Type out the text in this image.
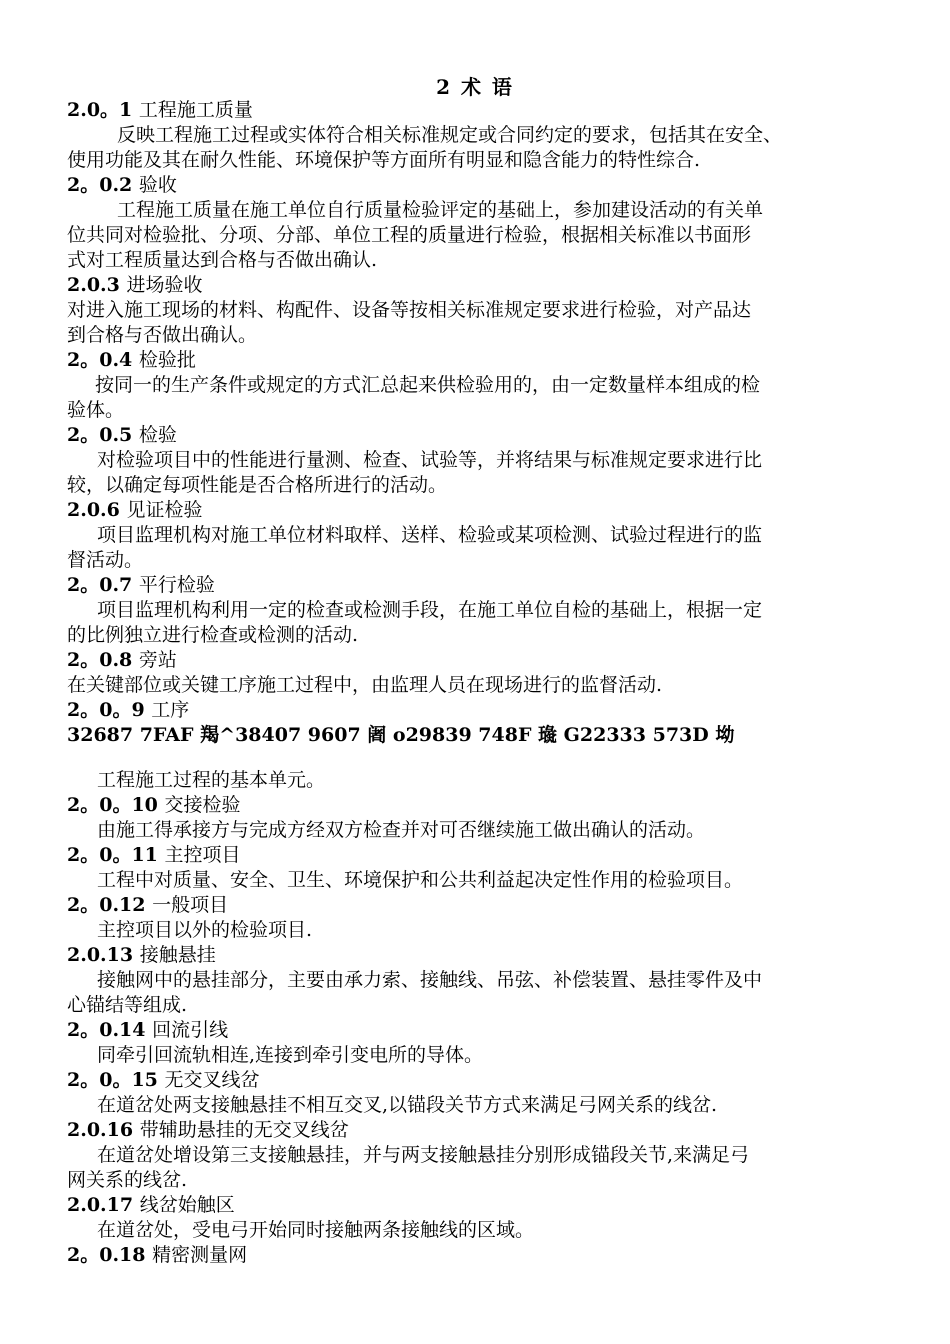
2 术 语
2.0。1 工程施工质量
反映工程施工过程或实体符合相关标准规定或合同约定的要求，包括其在安全、
使用功能及其在耐久性能、环境保护等方面所有明显和隐含能力的特性综合.
2。0.2 验收
工程施工质量在施工单位自行质量检验评定的基础上，参加建设活动的有关单
位共同对检验批、分项、分部、单位工程的质量进行检验，根据相关标准以书面形
式对工程质量达到合格与否做出确认.
2.0.3 进场验收
对进入施工现场的材料、构配件、设备等按相关标准规定要求进行检验，对产品达
到合格与否做出确认。
2。0.4 检验批
按同一的生产条件或规定的方式汇总起来供检验用的，由一定数量样本组成的检
验体。
2。0.5 检验
对检验项目中的性能进行量测、检查、试验等，并将结果与标准规定要求进行比
较，以确定每项性能是否合格所进行的活动。
2.0.6 见证检验
项目监理机构对施工单位材料取样、送样、检验或某项检测、试验过程进行的监
督活动。
2。0.7 平行检验
项目监理机构利用一定的检查或检测手段，在施工单位自检的基础上，根据一定
的比例独立进行检查或检测的活动.
2。0.8 旁站
在关键部位或关键工序施工过程中，由监理人员在现场进行的监督活动.
2。0。9 工序
32687 7FAF 羯^38407 9607 阇 o29839 748F 璏 G22333 573D 坳
工程施工过程的基本单元。
2。0。10 交接检验
由施工得承接方与完成方经双方检查并对可否继续施工做出确认的活动。
2。0。11 主控项目
工程中对质量、安全、卫生、环境保护和公共利益起决定性作用的检验项目。
2。0.12 一般项目
主控项目以外的检验项目.
2.0.13 接触悬挂
接触网中的悬挂部分，主要由承力索、接触线、吊弦、补偿装置、悬挂零件及中
心锚结等组成.
2。0.14 回流引线
同牵引回流轨相连,连接到牵引变电所的导体。
2。0。15 无交叉线岔
在道岔处两支接触悬挂不相互交叉,以锚段关节方式来满足弓网关系的线岔.
2.0.16 带辅助悬挂的无交叉线岔
在道岔处增设第三支接触悬挂，并与两支接触悬挂分别形成锚段关节,来满足弓
网关系的线岔.
2.0.17 线岔始触区
在道岔处，受电弓开始同时接触两条接触线的区域。
2。0.18 精密测量网
